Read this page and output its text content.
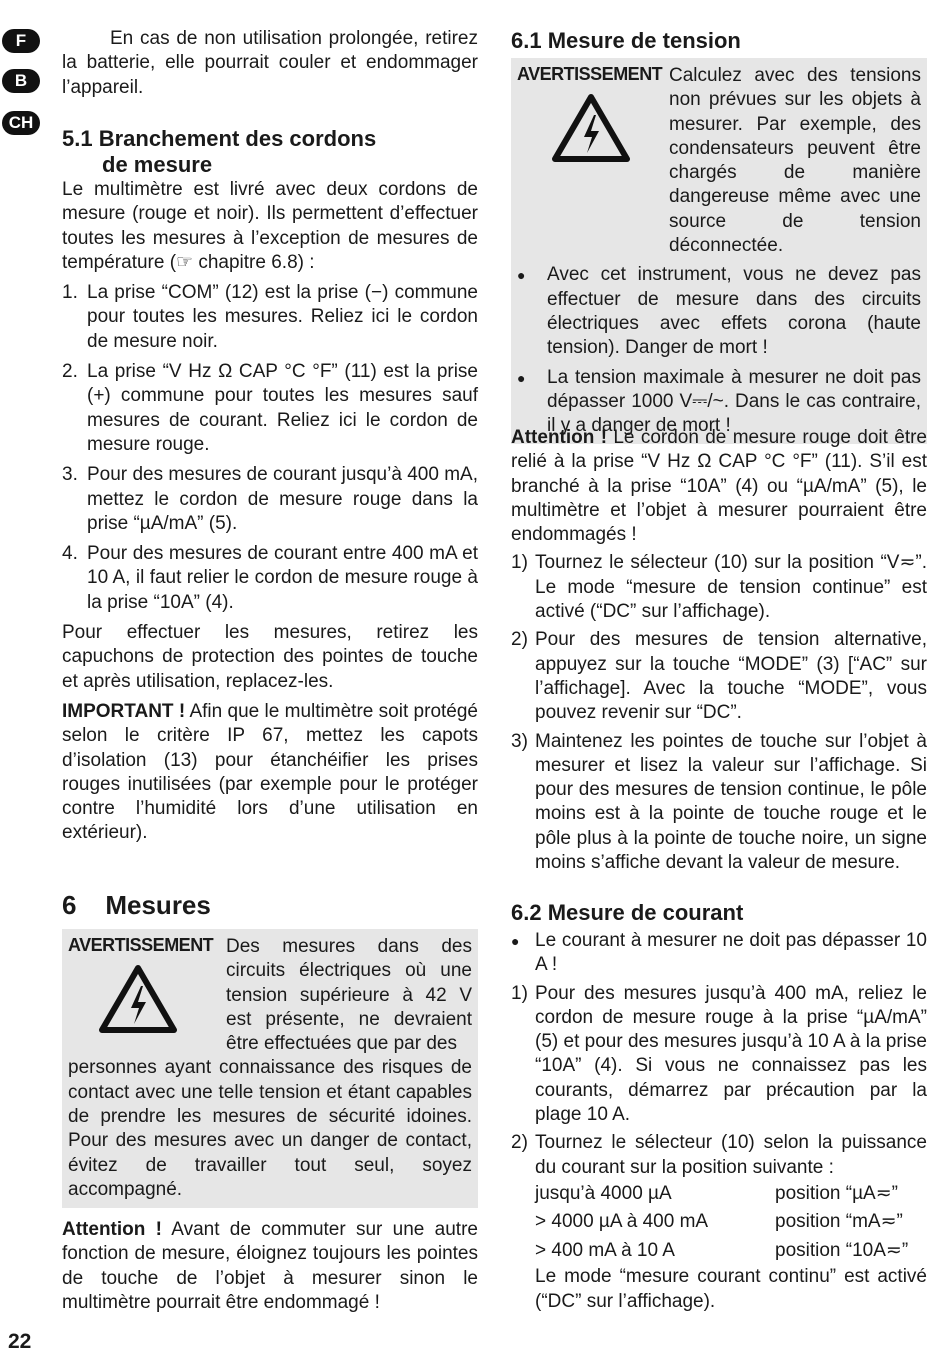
F
B
CH
22

En cas de non utilisation prolongée, retirez la batterie, elle pourrait couler et endommager l’appareil.

5.1 Branchement des cordons
de mesure

Le multimètre est livré avec deux cordons de mesure (rouge et noir). Ils permettent d’effectuer toutes les mesures à l’exception de mesures de température (☞ chapitre 6.8) :

1. La prise “COM” (12) est la prise (−) commune pour toutes les mesures. Reliez ici le cordon de mesure noir.
2. La prise “V Hz Ω CAP °C °F” (11) est la prise (+) commune pour toutes les mesures sauf mesures de courant. Reliez ici le cordon de mesure rouge.
3. Pour des mesures de courant jusqu’à 400 mA, mettez le cordon de mesure rouge dans la prise “µA/mA” (5).
4. Pour des mesures de courant entre 400 mA et 10 A, il faut relier le cordon de mesure rouge à la prise “10A” (4).

Pour effectuer les mesures, retirez les capuchons de protection des pointes de touche et après utilisation, replacez-les.

IMPORTANT ! Afin que le multimètre soit protégé selon le critère IP 67, mettez les capots d’isolation (13) pour étanchéifier les prises rouges inutilisées (par exemple pour le protéger contre l’humidité lors d’une utilisation en extérieur).

6    Mesures
AVERTISSEMENT Des mesures dans des circuits électriques où une tension supérieure à 42 V est présente, ne devraient être effectuées que par des

personnes ayant connaissance des risques de contact avec une telle tension et étant capables de prendre les mesures de sécurité idoines. Pour des mesures avec un danger de contact, évitez de travailler tout seul, soyez accompagné.

Attention ! Avant de commuter sur une autre fonction de mesure, éloignez toujours les pointes de touche de l’objet à mesurer sinon le multimètre pourrait être endommagé !

6.1 Mesure de tension
AVERTISSEMENT Calculez avec des tensions non prévues sur les objets à mesurer. Par exemple, des condensateurs peuvent être chargés de manière dangereuse même avec une source de tension déconnectée.

●	Avec cet instrument, vous ne devez pas effectuer de mesure dans des circuits électriques avec effets corona (haute tension). Danger de mort !
●	La tension maximale à mesurer ne doit pas dépasser 1000 V⎓/~. Dans le cas contraire, il y a danger de mort !

Attention ! Le cordon de mesure rouge doit être relié à la prise “V Hz Ω CAP °C °F” (11). S’il est branché à la prise “10A” (4) ou “µA/mA” (5), le multimètre et l’objet à mesurer pourraient être endommagés !

1) Tournez le sélecteur (10) sur la position “V≂”. Le mode “mesure de tension continue” est activé (“DC” sur l’affichage).
2) Pour des mesures de tension alternative, appuyez sur la touche “MODE” (3) [“AC” sur l’affichage]. Avec la touche “MODE”, vous pouvez revenir sur “DC”.
3) Maintenez les pointes de touche sur l’objet à mesurer et lisez la valeur sur l’affichage. Si pour des mesures de tension continue, le pôle moins est à la pointe de touche rouge et le pôle plus à la pointe de touche noire, un signe moins s’affiche devant la valeur de mesure.
6.2 Mesure de courant
● Le courant à mesurer ne doit pas dépasser 10 A !
1) Pour des mesures jusqu’à 400 mA, reliez le cordon de mesure rouge à la prise “µA/mA” (5) et pour des mesures jusqu’à 10 A à la prise “10A” (4). Si vous ne connaissez pas les courants, démarrez par précaution par la plage 10 A.
2) Tournez le sélecteur (10) selon la puissance du courant sur la position suivante :
jusqu’à 4000 µA	position “µA≂”
> 4000 µA à 400 mA	position “mA≂”
> 400 mA à 10 A	position “10A≂”

Le mode “mesure courant continu” est activé (“DC” sur l’affichage).
